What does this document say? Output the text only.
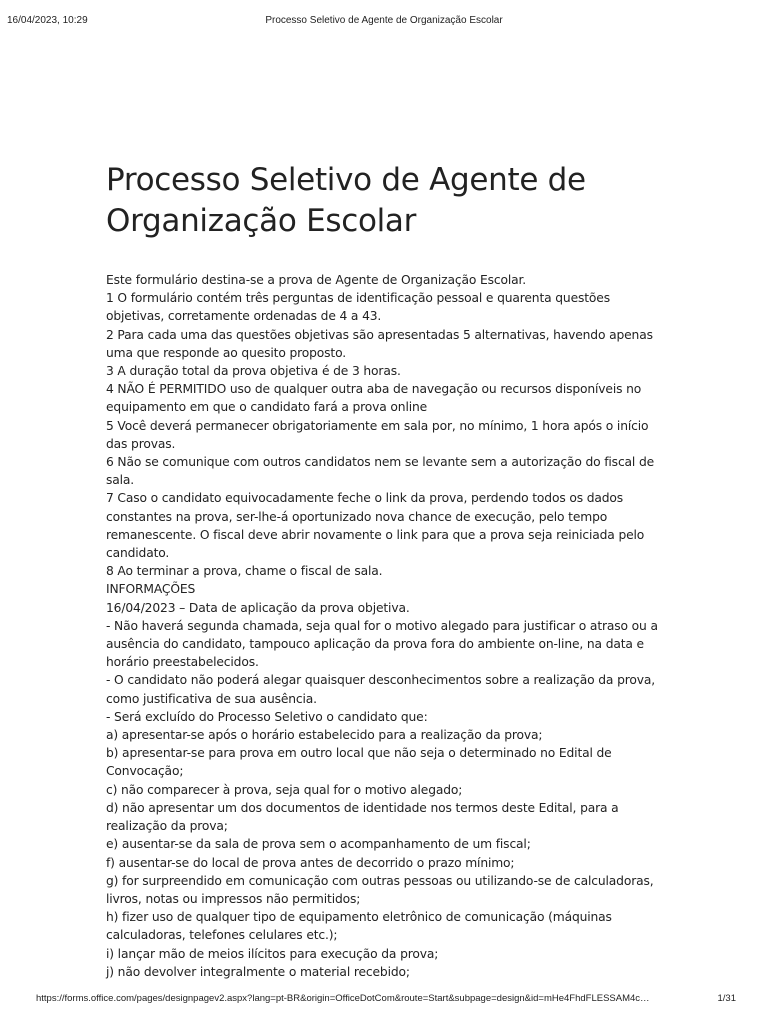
16/04/2023, 10:29	Processo Seletivo de Agente de Organização Escolar
Processo Seletivo de Agente de
Organização Escolar

Este formulário destina-se a prova de Agente de Organização Escolar.

1 O formulário contém três perguntas de identificação pessoal e quarenta questões objetivas, corretamente ordenadas de 4 a 43.

2 Para cada uma das questões objetivas são apresentadas 5 alternativas, havendo apenas uma que responde ao quesito proposto.

3 A duração total da prova objetiva é de 3 horas.

4 NÃO É PERMITIDO uso de qualquer outra aba de navegação ou recursos disponíveis no equipamento em que o candidato fará a prova online

5 Você deverá permanecer obrigatoriamente em sala por, no mínimo, 1 hora após o início das provas.

6 Não se comunique com outros candidatos nem se levante sem a autorização do fiscal de sala.

7 Caso o candidato equivocadamente feche o link da prova, perdendo todos os dados constantes na prova, ser-lhe-á oportunizado nova chance de execução, pelo tempo remanescente. O fiscal deve abrir novamente o link para que a prova seja reiniciada pelo candidato.

8 Ao terminar a prova, chame o fiscal de sala.

INFORMAÇÕES

16/04/2023 – Data de aplicação da prova objetiva.

- Não haverá segunda chamada, seja qual for o motivo alegado para justificar o atraso ou a ausência do candidato, tampouco aplicação da prova fora do ambiente on-line, na data e horário preestabelecidos.

- O candidato não poderá alegar quaisquer desconhecimentos sobre a realização da prova, como justificativa de sua ausência.

- Será excluído do Processo Seletivo o candidato que:

a) apresentar-se após o horário estabelecido para a realização da prova;

b) apresentar-se para prova em outro local que não seja o determinado no Edital de Convocação;

c) não comparecer à prova, seja qual for o motivo alegado;

d) não apresentar um dos documentos de identidade nos termos deste Edital, para a realização da prova;

e) ausentar-se da sala de prova sem o acompanhamento de um fiscal;

f) ausentar-se do local de prova antes de decorrido o prazo mínimo;

g) for surpreendido em comunicação com outras pessoas ou utilizando-se de calculadoras, livros, notas ou impressos não permitidos;

h) fizer uso de qualquer tipo de equipamento eletrônico de comunicação (máquinas calculadoras, telefones celulares etc.);

i) lançar mão de meios ilícitos para execução da prova;

j) não devolver integralmente o material recebido;

https://forms.office.com/pages/designpagev2.aspx?lang=pt-BR&origin=OfficeDotCom&route=Start&subpage=design&id=mHe4FhdFLESSAM4c…	1/31
